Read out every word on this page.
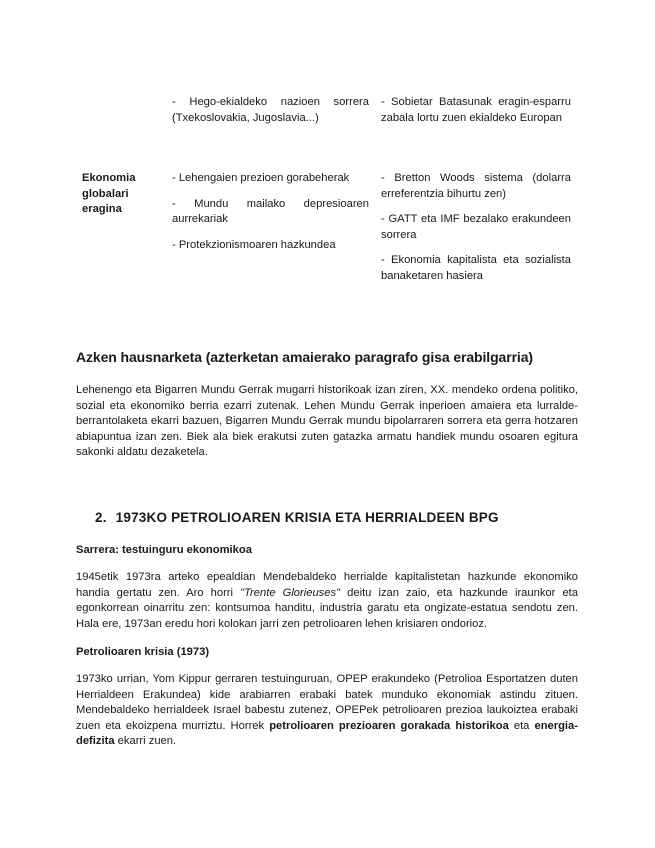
- Hego-ekialdeko nazioen sorrera (Txekoslovakia, Jugoslavia...)

- Sobietar Batasunak eragin-esparru zabala lortu zuen ekialdeko Europan

Ekonomia globalari eragina

- Lehengaien prezioen gorabeherak

- Mundu mailako depresioaren aurrekariak

- Protekzionismoaren hazkundea

- Bretton Woods sistema (dolarra erreferentzia bihurtu zen)

- GATT eta IMF bezalako erakundeen sorrera

- Ekonomia kapitalista eta sozialista banaketaren hasiera

Azken hausnarketa (azterketan amaierako paragrafo gisa erabilgarria)

Lehenengo eta Bigarren Mundu Gerrak mugarri historikoak izan ziren, XX. mendeko ordena politiko, sozial eta ekonomiko berria ezarri zutenak. Lehen Mundu Gerrak inperioen amaiera eta lurralde-berrantolaketa ekarri bazuen, Bigarren Mundu Gerrak mundu bipolarraren sorrera eta gerra hotzaren abiapuntua izan zen. Biek ala biek erakutsi zuten gatazka armatu handiek mundu osoaren egitura sakonki aldatu dezaketela.

2. 1973KO PETROLIOAREN KRISIA ETA HERRIALDEEN BPG
Sarrera: testuinguru ekonomikoa

1945etik 1973ra arteko epealdian Mendebaldeko herrialde kapitalistetan hazkunde ekonomiko handia gertatu zen. Aro horri "Trente Glorieuses" deitu izan zaio, eta hazkunde iraunkor eta egonkorrean oinarritu zen: kontsumoa handitu, industria garatu eta ongizate-estatua sendotu zen. Hala ere, 1973an eredu hori kolokan jarri zen petrolioaren lehen krisiaren ondorioz.

Petrolioaren krisia (1973)

1973ko urrian, Yom Kippur gerraren testuinguruan, OPEP erakundeko (Petrolioa Esportatzen duten Herrialdeen Erakundea) kide arabiarren erabaki batek munduko ekonomiak astindu zituen. Mendebaldeko herrialdeek Israel babestu zutenez, OPEPek petrolioaren prezioa laukoiztea erabaki zuen eta ekoizpena murriztu. Horrek petrolioaren prezioaren gorakada historikoa eta energia-defizita ekarri zuen.
